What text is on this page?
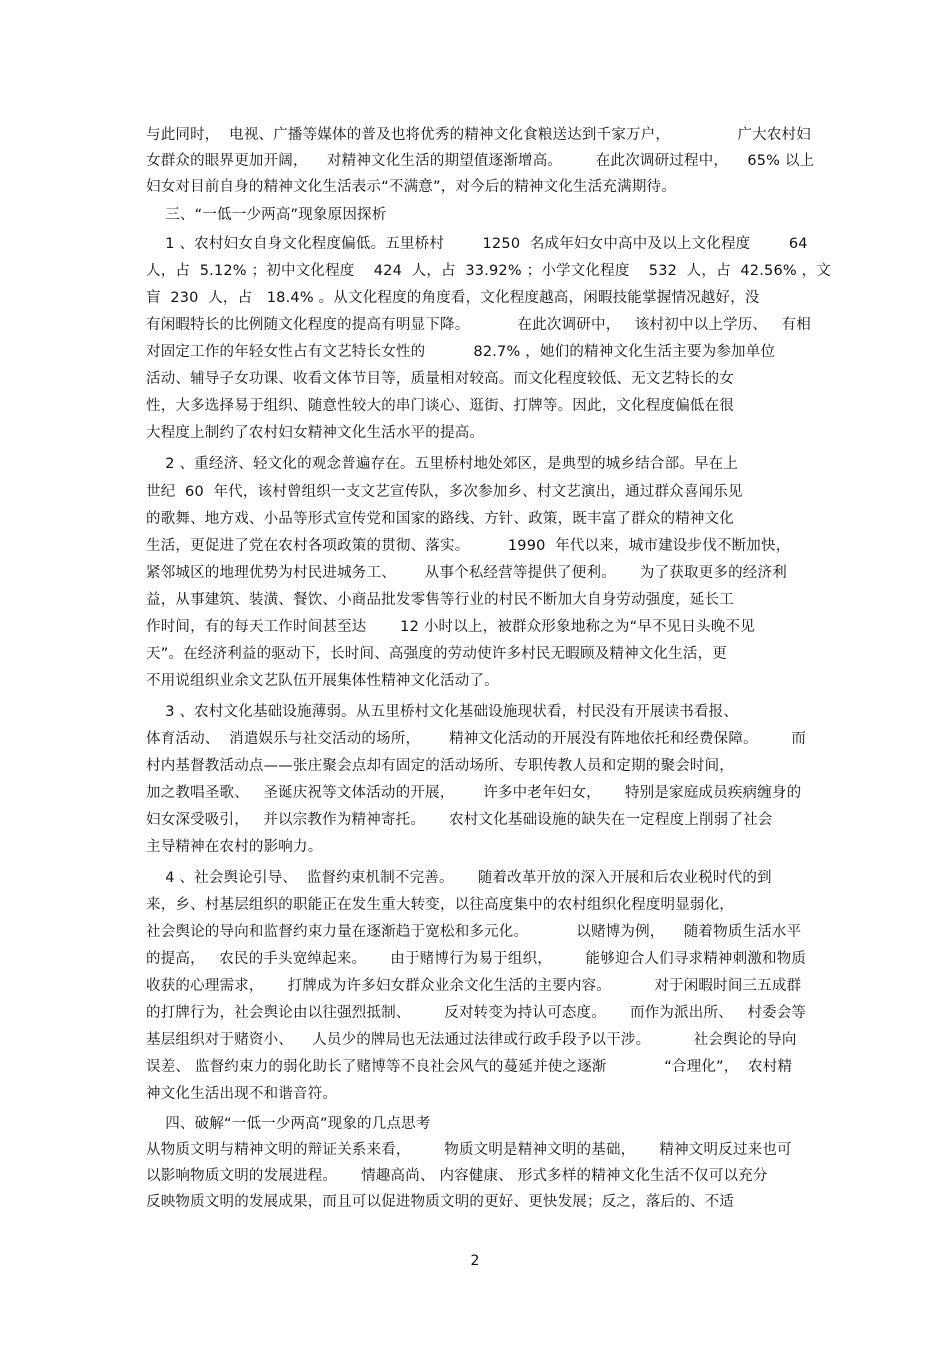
与此同时，  电视、广播等媒体的普及也将优秀的精神文化食粮送达到千家万户，              广大农村妇
女群众的眼界更加开阔，    对精神文化生活的期望值逐渐增高。       在此次调研过程中，    65% 以上
妇女对目前自身的精神文化生活表示“不满意”，对今后的精神文化生活充满期待。
三、“一低一少两高”现象原因探析
1 、农村妇女自身文化程度偏低。五里桥村        1250  名成年妇女中高中及以上文化程度        64
人，占  5.12% ；初中文化程度    424  人，占  33.92% ；小学文化程度    532  人，占  42.56% ，文
盲  230  人，占   18.4% 。从文化程度的角度看，文化程度越高，闲暇技能掌握情况越好，没
有闲暇特长的比例随文化程度的提高有明显下降。          在此次调研中，   该村初中以上学历、   有相
对固定工作的年轻女性占有文艺特长女性的          82.7% ，她们的精神文化生活主要为参加单位
活动、辅导子女功课、收看文体节目等，质量相对较高。而文化程度较低、无文艺特长的女
性，大多选择易于组织、随意性较大的串门谈心、逛街、打牌等。因此，文化程度偏低在很
大程度上制约了农村妇女精神文化生活水平的提高。
2 、重经济、轻文化的观念普遍存在。五里桥村地处郊区，是典型的城乡结合部。早在上
世纪  60  年代，该村曾组织一支文艺宣传队，多次参加乡、村文艺演出，通过群众喜闻乐见
的歌舞、地方戏、小品等形式宣传党和国家的路线、方针、政策，既丰富了群众的精神文化
生活，更促进了党在农村各项政策的贯彻、落实。        1990  年代以来，城市建设步伐不断加快，
紧邻城区的地理优势为村民进城务工、      从事个私经营等提供了便利。     为了获取更多的经济利
益，从事建筑、装潢、餐饮、小商品批发零售等行业的村民不断加大自身劳动强度，延长工
作时间，有的每天工作时间甚至达       12 小时以上，被群众形象地称之为“早不见日头晚不见
天”。在经济利益的驱动下，长时间、高强度的劳动使许多村民无暇顾及精神文化生活，更
不用说组织业余文艺队伍开展集体性精神文化活动了。
3 、农村文化基础设施薄弱。从五里桥村文化基础设施现状看，村民没有开展读书看报、
体育活动、  消遣娱乐与社交活动的场所，      精神文化活动的开展没有阵地依托和经费保障。       而
村内基督教活动点——张庄聚会点却有固定的活动场所、专职传教人员和定期的聚会时间，
加之教唱圣歌、   圣诞庆祝等文体活动的开展，      许多中老年妇女，     特别是家庭成员疾病缠身的
妇女深受吸引，   并以宗教作为精神寄托。     农村文化基础设施的缺失在一定程度上削弱了社会
主导精神在农村的影响力。
4 、社会舆论引导、  监督约束机制不完善。     随着改革开放的深入开展和后农业税时代的到
来，乡、村基层组织的职能正在发生重大转变，以往高度集中的农村组织化程度明显弱化，
社会舆论的导向和监督约束力量在逐渐趋于宽松和多元化。          以赌博为例，    随着物质生活水平
的提高，   农民的手头宽绰起来。     由于赌博行为易于组织，       能够迎合人们寻求精神刺激和物质
收获的心理需求，     打牌成为许多妇女群众业余文化生活的主要内容。         对于闲暇时间三五成群
的打牌行为，社会舆论由以往强烈抵制、       反对转变为持认可态度。     而作为派出所、   村委会等
基层组织对于赌资小、    人员少的牌局也无法通过法律或行政手段予以干涉。         社会舆论的导向
误差、 监督约束力的弱化助长了赌博等不良社会风气的蔓延并使之逐渐            “合理化”，  农村精
神文化生活出现不和谐音符。
四、破解“一低一少两高”现象的几点思考
从物质文明与精神文明的辩证关系来看，       物质文明是精神文明的基础，     精神文明反过来也可
以影响物质文明的发展进程。     情趣高尚、 内容健康、 形式多样的精神文化生活不仅可以充分
反映物质文明的发展成果，而且可以促进物质文明的更好、更快发展；反之，落后的、不适
2
